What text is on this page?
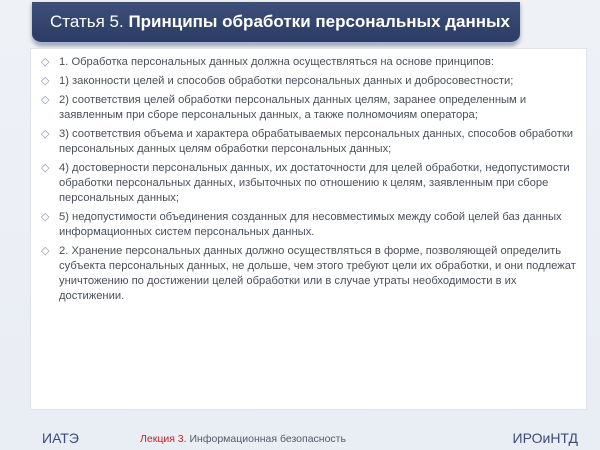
Статья 5. Принципы обработки персональных данных
◇ 1. Обработка персональных данных должна осуществляться на основе принципов:
◇ 1) законности целей и способов обработки персональных данных и добросовестности;
◇ 2) соответствия целей обработки персональных данных целям, заранее определенным и заявленным при сборе персональных данных, а также полномочиям оператора;
◇ 3) соответствия объема и характера обрабатываемых персональных данных, способов обработки персональных данных целям обработки персональных данных;
◇ 4) достоверности персональных данных, их достаточности для целей обработки, недопустимости обработки персональных данных, избыточных по отношению к целям, заявленным при сборе персональных данных;
◇ 5) недопустимости объединения созданных для несовместимых между собой целей баз данных информационных систем персональных данных.
◇ 2. Хранение персональных данных должно осуществляться в форме, позволяющей определить субъекта персональных данных, не дольше, чем этого требуют цели их обработки, и они подлежат уничтожению по достижении целей обработки или в случае утраты необходимости в их достижении.
ИАТЭ	Лекция 3. Информационная безопасность	ИРОиНТД
